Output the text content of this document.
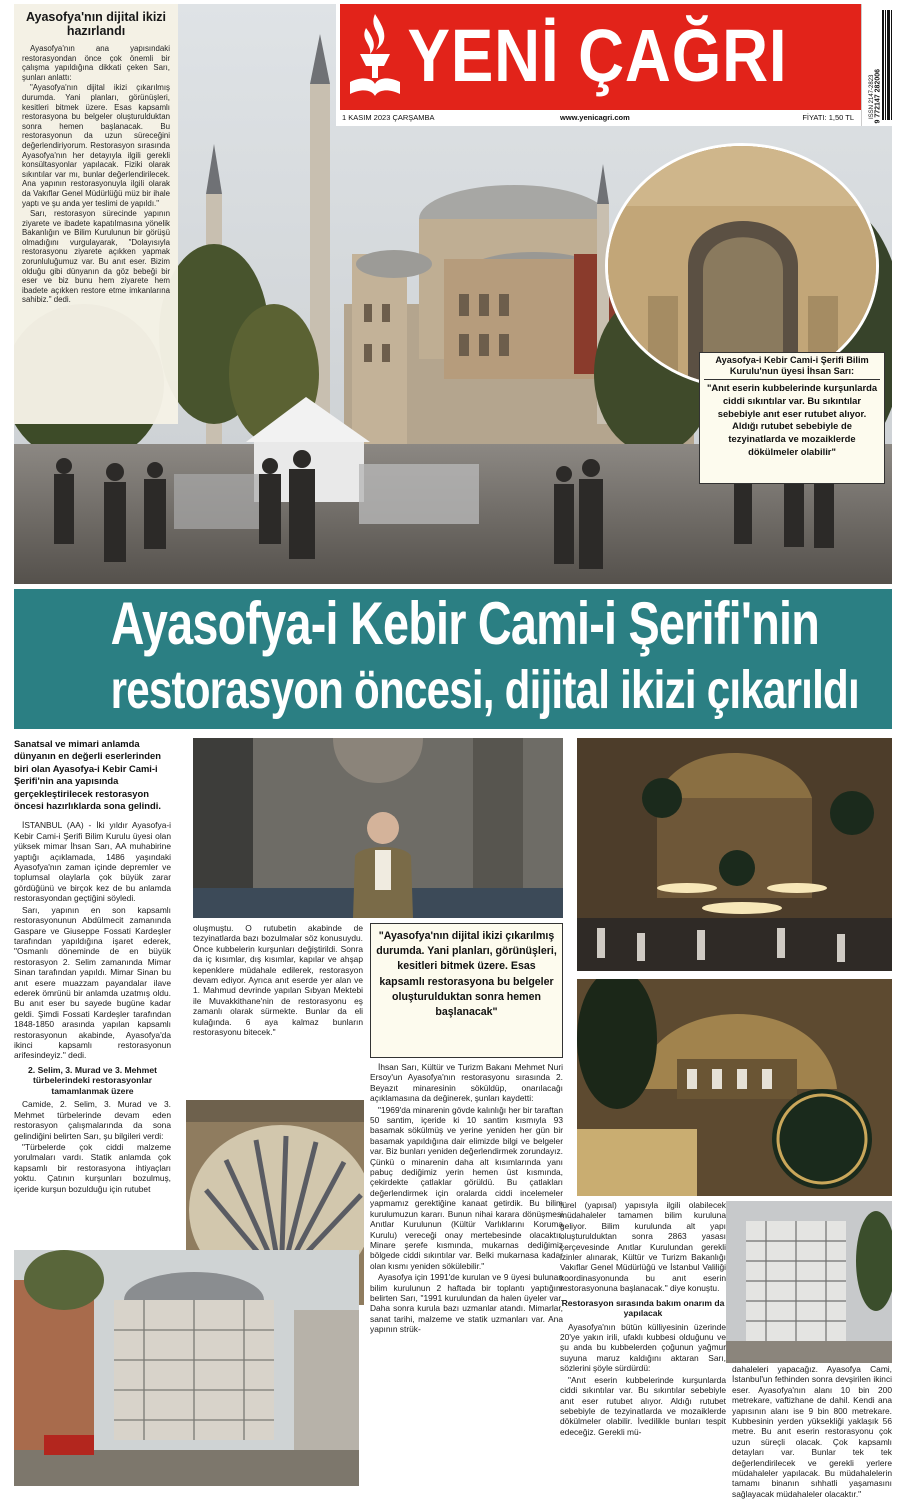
Ayasofya'nın dijital ikizi hazırlandı

Ayasofya'nın ana yapısındaki restorasyondan önce çok önemli bir çalışma yapıldığına dikkati çeken Sarı, şunları anlattı:

"Ayasofya'nın dijital ikizi çıkarılmış durumda. Yani planları, görünüşleri, kesitleri bitmek üzere. Esas kapsamlı restorasyona bu belgeler oluşturulduktan sonra hemen başlanacak. Bu restorasyonun da uzun süreceğini değerlendiriyorum. Restorasyon sırasında Ayasofya'nın her detayıyla ilgili gerekli konsültasyonlar yapılacak. Fiziki olarak sıkıntılar var mı, bunlar değerlendirilecek. Ana yapının restorasyonuyla ilgili olarak da Vakıflar Genel Müdürlüğü müz bir ihale yaptı ve şu anda yer teslimi de yapıldı."

Sarı, restorasyon sürecinde yapının ziyarete ve ibadete kapatılmasına yönelik Bakanlığın ve Bilim Kurulunun bir görüşü olmadığını vurgulayarak, "Dolayısıyla restorasyonu ziyarete açıkken yapmak zorunluluğumuz var. Bu anıt eser. Bizim olduğu gibi dünyanın da göz bebeği bir eser ve biz bunu hem ziyarete hem ibadete açıkken restore etme imkanlarına sahibiz." dedi.

YENİ ÇAĞRI	ISSN 2147-2823 9 772147 282006
1 KASIM 2023 ÇARŞAMBA	www.yenicagri.com	FİYATI: 1,50 TL
Ayasofya-i Kebir Cami-i Şerifi Bilim Kurulu'nun üyesi İhsan Sarı:
"Anıt eserin kubbelerinde kurşunlarda ciddi sıkıntılar var. Bu sıkıntılar sebebiyle anıt eser rutubet alıyor. Aldığı rutubet sebebiyle de tezyinatlarda ve mozaiklerde dökülmeler olabilir"
Ayasofya-i Kebir Cami-i Şerifi'nin
restorasyon öncesi, dijital ikizi çıkarıldı
Sanatsal ve mimari anlamda dünyanın en değerli eserlerinden biri olan Ayasofya-i Kebir Cami-i Şerifi'nin ana yapısında gerçekleştirilecek restorasyon öncesi hazırlıklarda sona gelindi.

İSTANBUL (AA) - İki yıldır Ayasofya-i Kebir Cami-i Şerifi Bilim Kurulu üyesi olan yüksek mimar İhsan Sarı, AA muhabirine yaptığı açıklamada, 1486 yaşındaki Ayasofya'nın zaman içinde depremler ve toplumsal olaylarla çok büyük zarar gördüğünü ve birçok kez de bu anlamda restorasyondan geçtiğini söyledi.

Sarı, yapının en son kapsamlı restorasyonunun Abdülmecit zamanında Gaspare ve Giuseppe Fossati Kardeşler tarafından yapıldığına işaret ederek, "Osmanlı döneminde de en büyük restorasyon 2. Selim zamanında Mimar Sinan tarafından yapıldı. Mimar Sinan bu anıt esere muazzam payandalar ilave ederek ömrünü bir anlamda uzatmış oldu. Bu anıt eser bu sayede bugüne kadar geldi. Şimdi Fossati Kardeşler tarafından 1848-1850 arasında yapılan kapsamlı restorasyonun akabinde, Ayasofya'da ikinci kapsamlı restorasyonun arifesindeyiz." dedi.

2. Selim, 3. Murad ve 3. Mehmet türbelerindeki restorasyonlar tamamlanmak üzere

Camide, 2. Selim, 3. Murad ve 3. Mehmet türbelerinde devam eden restorasyon çalışmalarında da sona gelindiğini belirten Sarı, şu bilgileri verdi:

"Türbelerde çok ciddi malzeme yorulmaları vardı. Statik anlamda çok kapsamlı bir restorasyona ihtiyaçları yoktu. Çatının kurşunları bozulmuş, içeride kurşun bozulduğu için rutubet

oluşmuştu. O rutubetin akabinde de tezyinatlarda bazı bozulmalar söz konusuydu. Önce kubbelerin kurşunları değiştirildi. Sonra da iç kısımlar, dış kısımlar, kapılar ve ahşap kepenklere müdahale edilerek, restorasyon devam ediyor. Ayrıca anıt eserde yer alan ve 1. Mahmud devrinde yapılan Sıbyan Mektebi ile Muvakkithane'nin de restorasyonu eş zamanlı olarak sürmekte. Bunlar da eli kulağında. 6 aya kalmaz bunların restorasyonu bitecek."

"Ayasofya'nın dijital ikizi çıkarılmış durumda. Yani planları, görünüşleri, kesitleri bitmek üzere. Esas kapsamlı restorasyona bu belgeler oluşturulduktan sonra hemen başlanacak"

İhsan Sarı, Kültür ve Turizm Bakanı Mehmet Nuri Ersoy'un Ayasofya'nın restorasyonu sırasında 2. Beyazıt minaresinin söküldüp, onarılacağı açıklamasına da değinerek, şunları kaydetti:

"1969'da minarenin gövde kalınlığı her bir taraftan 50 santim, içeride ki 10 santim kısmıyla 93 basamak sökülmüş ve yerine yeniden her gün bir basamak yapıldığına dair elimizde bilgi ve belgeler var. Biz bunları yeniden değerlendirmek zorundayız. Çünkü o minarenin daha alt kısımlarında yanı pabuç dediğimiz yerin hemen üst kısmında, çekirdekte çatlaklar görüldü. Bu çatlakları değerlendirmek için oralarda ciddi incelemeler yapmamız gerektiğine kanaat getirdik. Bu bilim kurulumuzun kararı. Bunun nihai karara dönüşmesi Anıtlar Kurulunun (Kültür Varlıklarını Koruma Kurulu) vereceği onay mertebesinde olacaktır. Minare şerefe kısmında, mukarnas dediğimiz bölgede ciddi sıkıntılar var. Belki mukarnasa kadar olan kısmı yeniden sökülebilir."

Ayasofya için 1991'de kurulan ve 9 üyesi bulunan bilim kurulunun 2 haftada bir toplantı yaptığını belirten Sarı, "1991 kurulundan da halen üyeler var. Daha sonra kurula bazı uzmanlar atandı. Mimarlar, sanat tarihi, malzeme ve statik uzmanları var. Ana yapının strük-

türel (yapısal) yapısıyla ilgili olabilecek müdahaleler tamamen bilim kuruluna geliyor. Bilim kurulunda alt yapı oluşturulduktan sonra 2863 yasası çerçevesinde Anıtlar Kurulundan gerekli izinler alınarak, Kültür ve Turizm Bakanlığı Vakıflar Genel Müdürlüğü ve İstanbul Valiliği koordinasyonunda bu anıt eserin restorasyonuna başlanacak." diye konuştu.

Restorasyon sırasında bakım onarım da yapılacak

Ayasofya'nın bütün külliyesinin üzerinde 20'ye yakın irili, ufaklı kubbesi olduğunu ve şu anda bu kubbelerden çoğunun yağmur suyuna maruz kaldığını aktaran Sarı, sözlerini şöyle sürdürdü:

"Anıt eserin kubbelerinde kurşunlarda ciddi sıkıntılar var. Bu sıkıntılar sebebiyle anıt eser rutubet alıyor. Aldığı rutubet sebebiyle de tezyinatlarda ve mozaiklerde dökülmeler olabilir. İvedilikle bunları tespit edeceğiz. Gerekli mü-

dahaleleri yapacağız. Ayasofya Cami, İstanbul'un fethinden sonra devşirilen ikinci eser. Ayasofya'nın alanı 10 bin 200 metrekare, vaftizhane de dahil. Kendi ana yapısının alanı ise 9 bin 800 metrekare. Kubbesinin yerden yüksekliği yaklaşık 56 metre. Bu anıt eserin restorasyonu çok uzun süreçli olacak. Çok kapsamlı detayları var. Bunlar tek tek değerlendirilecek ve gerekli yerlere müdahaleler yapılacak. Bu müdahalelerin tamamı binanın sıhhatli yaşamasını sağlayacak müdahaleler olacaktır."
